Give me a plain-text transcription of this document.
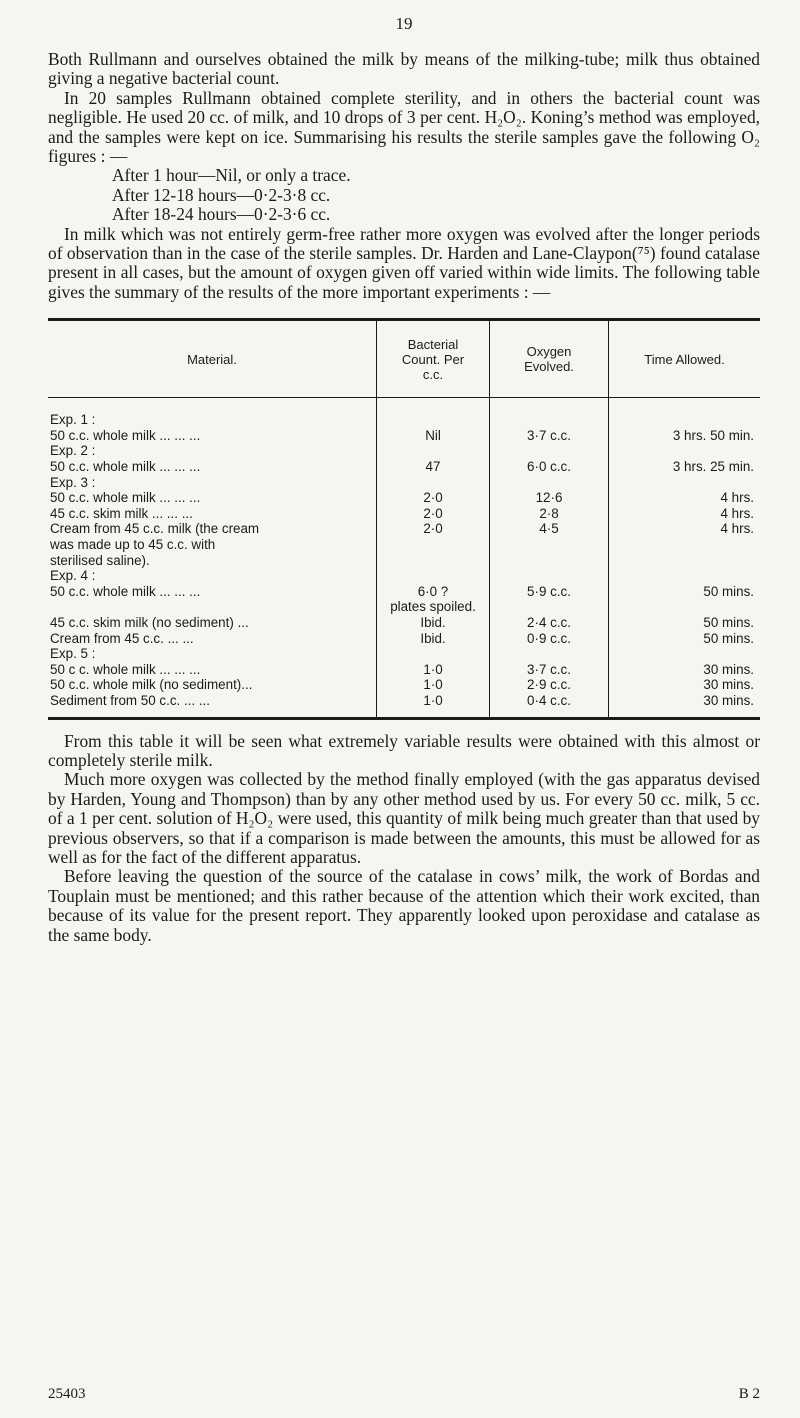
19

Both Rullmann and ourselves obtained the milk by means of the milking-tube; milk thus obtained giving a negative bacterial count.

In 20 samples Rullmann obtained complete sterility, and in others the bacterial count was negligible. He used 20 cc. of milk, and 10 drops of 3 per cent. H₂O₂. Koning’s method was employed, and the samples were kept on ice. Summarising his results the sterile samples gave the following O₂ figures : —

After 1 hour—Nil, or only a trace.
After 12-18 hours—0·2-3·8 cc.
After 18-24 hours—0·2-3·6 cc.

In milk which was not entirely germ-free rather more oxygen was evolved after the longer periods of observation than in the case of the sterile samples. Dr. Harden and Lane-Claypon(⁷⁵) found catalase present in all cases, but the amount of oxygen given off varied within wide limits. The following table gives the summary of the results of the more important experiments : —

Material.	Bacterial Count. Per c.c.	Oxygen Evolved.	Time Allowed.

Exp. 1 :			
50 c.c. whole milk ... ... ...	Nil	3·7 c.c.	3 hrs. 50 min.
Exp. 2 :			
50 c.c. whole milk ... ... ...	47	6·0 c.c.	3 hrs. 25 min.
Exp. 3 :			
50 c.c. whole milk ... ... ...	2·0	12·6	4 hrs.
45 c.c. skim milk ... ... ...	2·0	2·8	4 hrs.
Cream from 45 c.c. milk (the cream	2·0	4·5	4 hrs.
was made up to 45 c.c. with			
sterilised saline).			
Exp. 4 :			
50 c.c. whole milk ... ... ...	6·0 ?	5·9 c.c.	50 mins.
	plates spoiled.		
45 c.c. skim milk (no sediment) ...	Ibid.	2·4 c.c.	50 mins.
Cream from 45 c.c. ... ...	Ibid.	0·9 c.c.	50 mins.
Exp. 5 :			
50 c c. whole milk ... ... ...	1·0	3·7 c.c.	30 mins.
50 c.c. whole milk (no sediment)...	1·0	2·9 c.c.	30 mins.
Sediment from 50 c.c. ... ...	1·0	0·4 c.c.	30 mins.

From this table it will be seen what extremely variable results were obtained with this almost or completely sterile milk.

Much more oxygen was collected by the method finally employed (with the gas apparatus devised by Harden, Young and Thompson) than by any other method used by us. For every 50 cc. milk, 5 cc. of a 1 per cent. solution of H₂O₂ were used, this quantity of milk being much greater than that used by previous observers, so that if a comparison is made between the amounts, this must be allowed for as well as for the fact of the different apparatus.

Before leaving the question of the source of the catalase in cows’ milk, the work of Bordas and Touplain must be mentioned; and this rather because of the attention which their work excited, than because of its value for the present report. They apparently looked upon peroxidase and catalase as the same body.

25403	B 2
